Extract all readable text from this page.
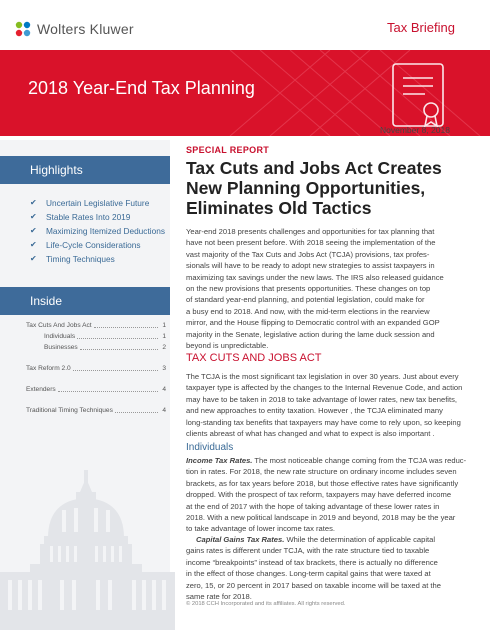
Wolters Kluwer	Tax Briefing
2018 Year-End Tax Planning
Highlights
✔ Uncertain Legislative Future
✔ Stable Rates Into 2019
✔ Maximizing Itemized Deductions
✔ Life-Cycle Considerations
✔ Timing Techniques
Inside
Tax Cuts And Jobs Act	1
Individuals	1
Businesses	2
Tax Reform 2.0	3
Extenders	4
Traditional Timing Techniques	4
November 8, 2018
SPECIAL REPORT
Tax Cuts and Jobs Act Creates
New Planning Opportunities,
Eliminates Old Tactics
Year-end 2018 presents challenges and opportunities for tax planning that
have not been present before. With 2018 seeing the implementation of the
vast majority of the Tax Cuts and Jobs Act (TCJA) provisions, tax profes-
sionals will have to be ready to adopt new strategies to assist taxpayers in
maximizing tax savings under the new laws. The IRS also released guidance
on the new provisions that presents opportunities. These changes on top
of standard year-end planning, and potential legislation, could make for
a busy end to 2018. And now, with the mid-term elections in the rearview
mirror, and the House flipping to Democratic control with an expanded GOP
majority in the Senate, legislative action during the lame duck session and
beyond is unpredictable.
TAX CUTS AND JOBS ACT
The TCJA is the most significant tax legislation in over 30 years. Just about every
taxpayer type is affected by the changes to the Internal Revenue Code, and action
may have to be taken in 2018 to take advantage of lower rates, new tax benefits,
and new approaches to entity taxation. However , the TCJA eliminated many
long-standing tax benefits that taxpayers may have come to rely upon, so keeping
clients abreast of what has changed and what to expect is also important .
Individuals
Income Tax Rates. The most noticeable change coming from the TCJA was reduc-
tion in rates. For 2018, the new rate structure on ordinary income includes seven
brackets, as for tax years before 2018, but those effective rates have significantly
dropped. With the prospect of tax reform, taxpayers may have deferred income
at the end of 2017 with the hope of taking advantage of these lower rates in
2018. With a new political landscape in 2019 and beyond, 2018 may be the year
to take advantage of lower income tax rates.
Capital Gains Tax Rates. While the determination of applicable capital
gains rates is different under TCJA, with the rate structure tied to taxable
income “breakpoints” instead of tax brackets, there is actually no difference
in the effect of those changes. Long-term capital gains that were taxed at
zero, 15, or 20 percent in 2017 based on taxable income will be taxed at the
same rate for 2018.
© 2018 CCH Incorporated and its affiliates. All rights reserved.
